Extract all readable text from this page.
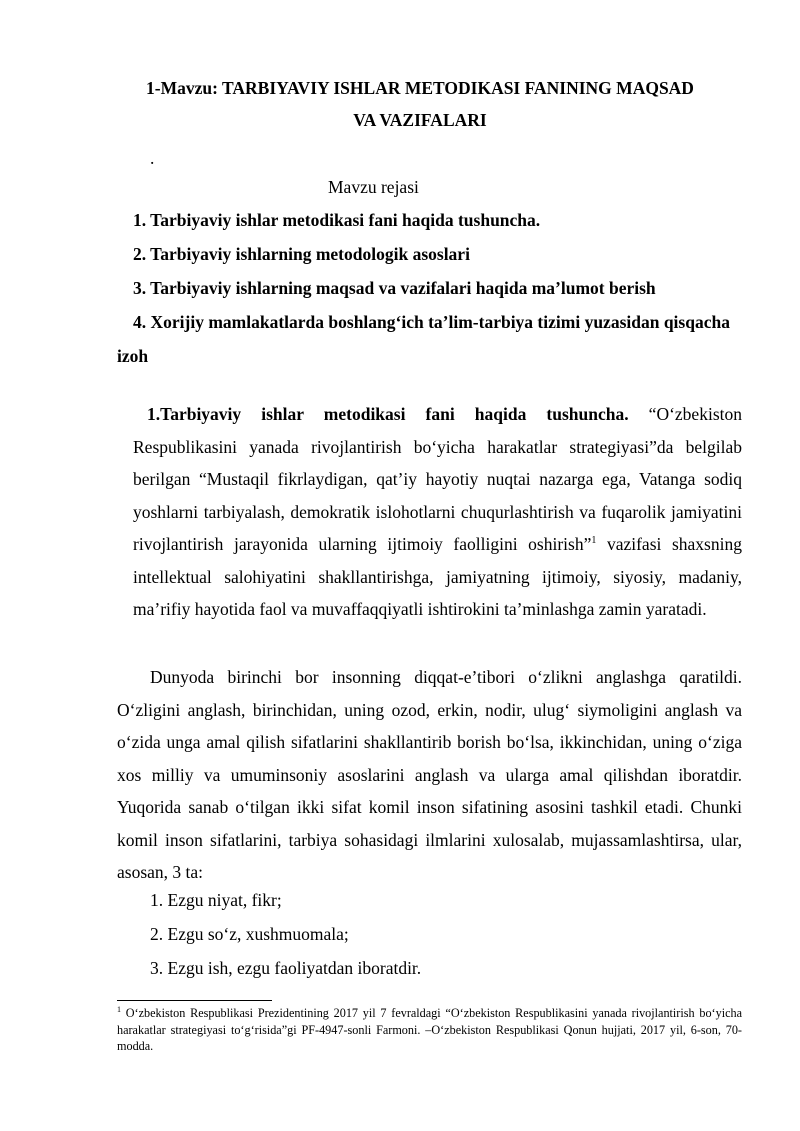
1-Mavzu: TARBIYAVIY ISHLAR METODIKASI FANINING MAQSAD
VA VAZIFALARI
.
Mavzu rejasi
1. Tarbiyaviy ishlar metodikasi fani haqida tushuncha.
2. Tarbiyaviy ishlarning metodologik asoslari
3. Tarbiyaviy ishlarning maqsad va vazifalari haqida ma’lumot berish
4. Xorijiy mamlakatlarda boshlang‘ich ta’lim-tarbiya tizimi yuzasidan qisqacha izoh
1.Tarbiyaviy ishlar metodikasi fani haqida tushuncha. “O‘zbekiston Respublikasini yanada rivojlantirish bo‘yicha harakatlar strategiyasi”da belgilab berilgan “Mustaqil fikrlaydigan, qat’iy hayotiy nuqtai nazarga ega, Vatanga sodiq yoshlarni tarbiyalash, demokratik islohotlarni chuqurlashtirish va fuqarolik jamiyatini rivojlantirish jarayonida ularning ijtimoiy faolligini oshirish”$^1$ vazifasi shaxsning intellektual salohiyatini shakllantirishga, jamiyatning ijtimoiy, siyosiy, madaniy, ma’rifiy hayotida faol va muvaffaqqiyatli ishtirokini ta’minlashga zamin yaratadi.
Dunyoda birinchi bor insonning diqqat-e’tibori o‘zlikni anglashga qaratildi. O‘zligini anglash, birinchidan, uning ozod, erkin, nodir, ulug‘ siymoligini anglash va o‘zida unga amal qilish sifatlarini shakllantirib borish bo‘lsa, ikkinchidan, uning o‘ziga xos milliy va umuminsoniy asoslarini anglash va ularga amal qilishdan iboratdir. Yuqorida sanab o‘tilgan ikki sifat komil inson sifatining asosini tashkil etadi. Chunki komil inson sifatlarini, tarbiya sohasidagi ilmlarini xulosalab, mujassamlashtirsa, ular, asosan, 3 ta:
1. Ezgu niyat, fikr;
2. Ezgu so‘z, xushmuomala;
3. Ezgu ish, ezgu faoliyatdan iboratdir.
$^1$ O‘zbekiston Respublikasi Prezidentining 2017 yil 7 fevraldagi “O‘zbekiston Respublikasini yanada rivojlantirish bo‘yicha harakatlar strategiyasi to‘g‘risida”gi PF-4947-sonli Farmoni. –O‘zbekiston Respublikasi Qonun hujjati, 2017 yil, 6-son, 70-modda.
